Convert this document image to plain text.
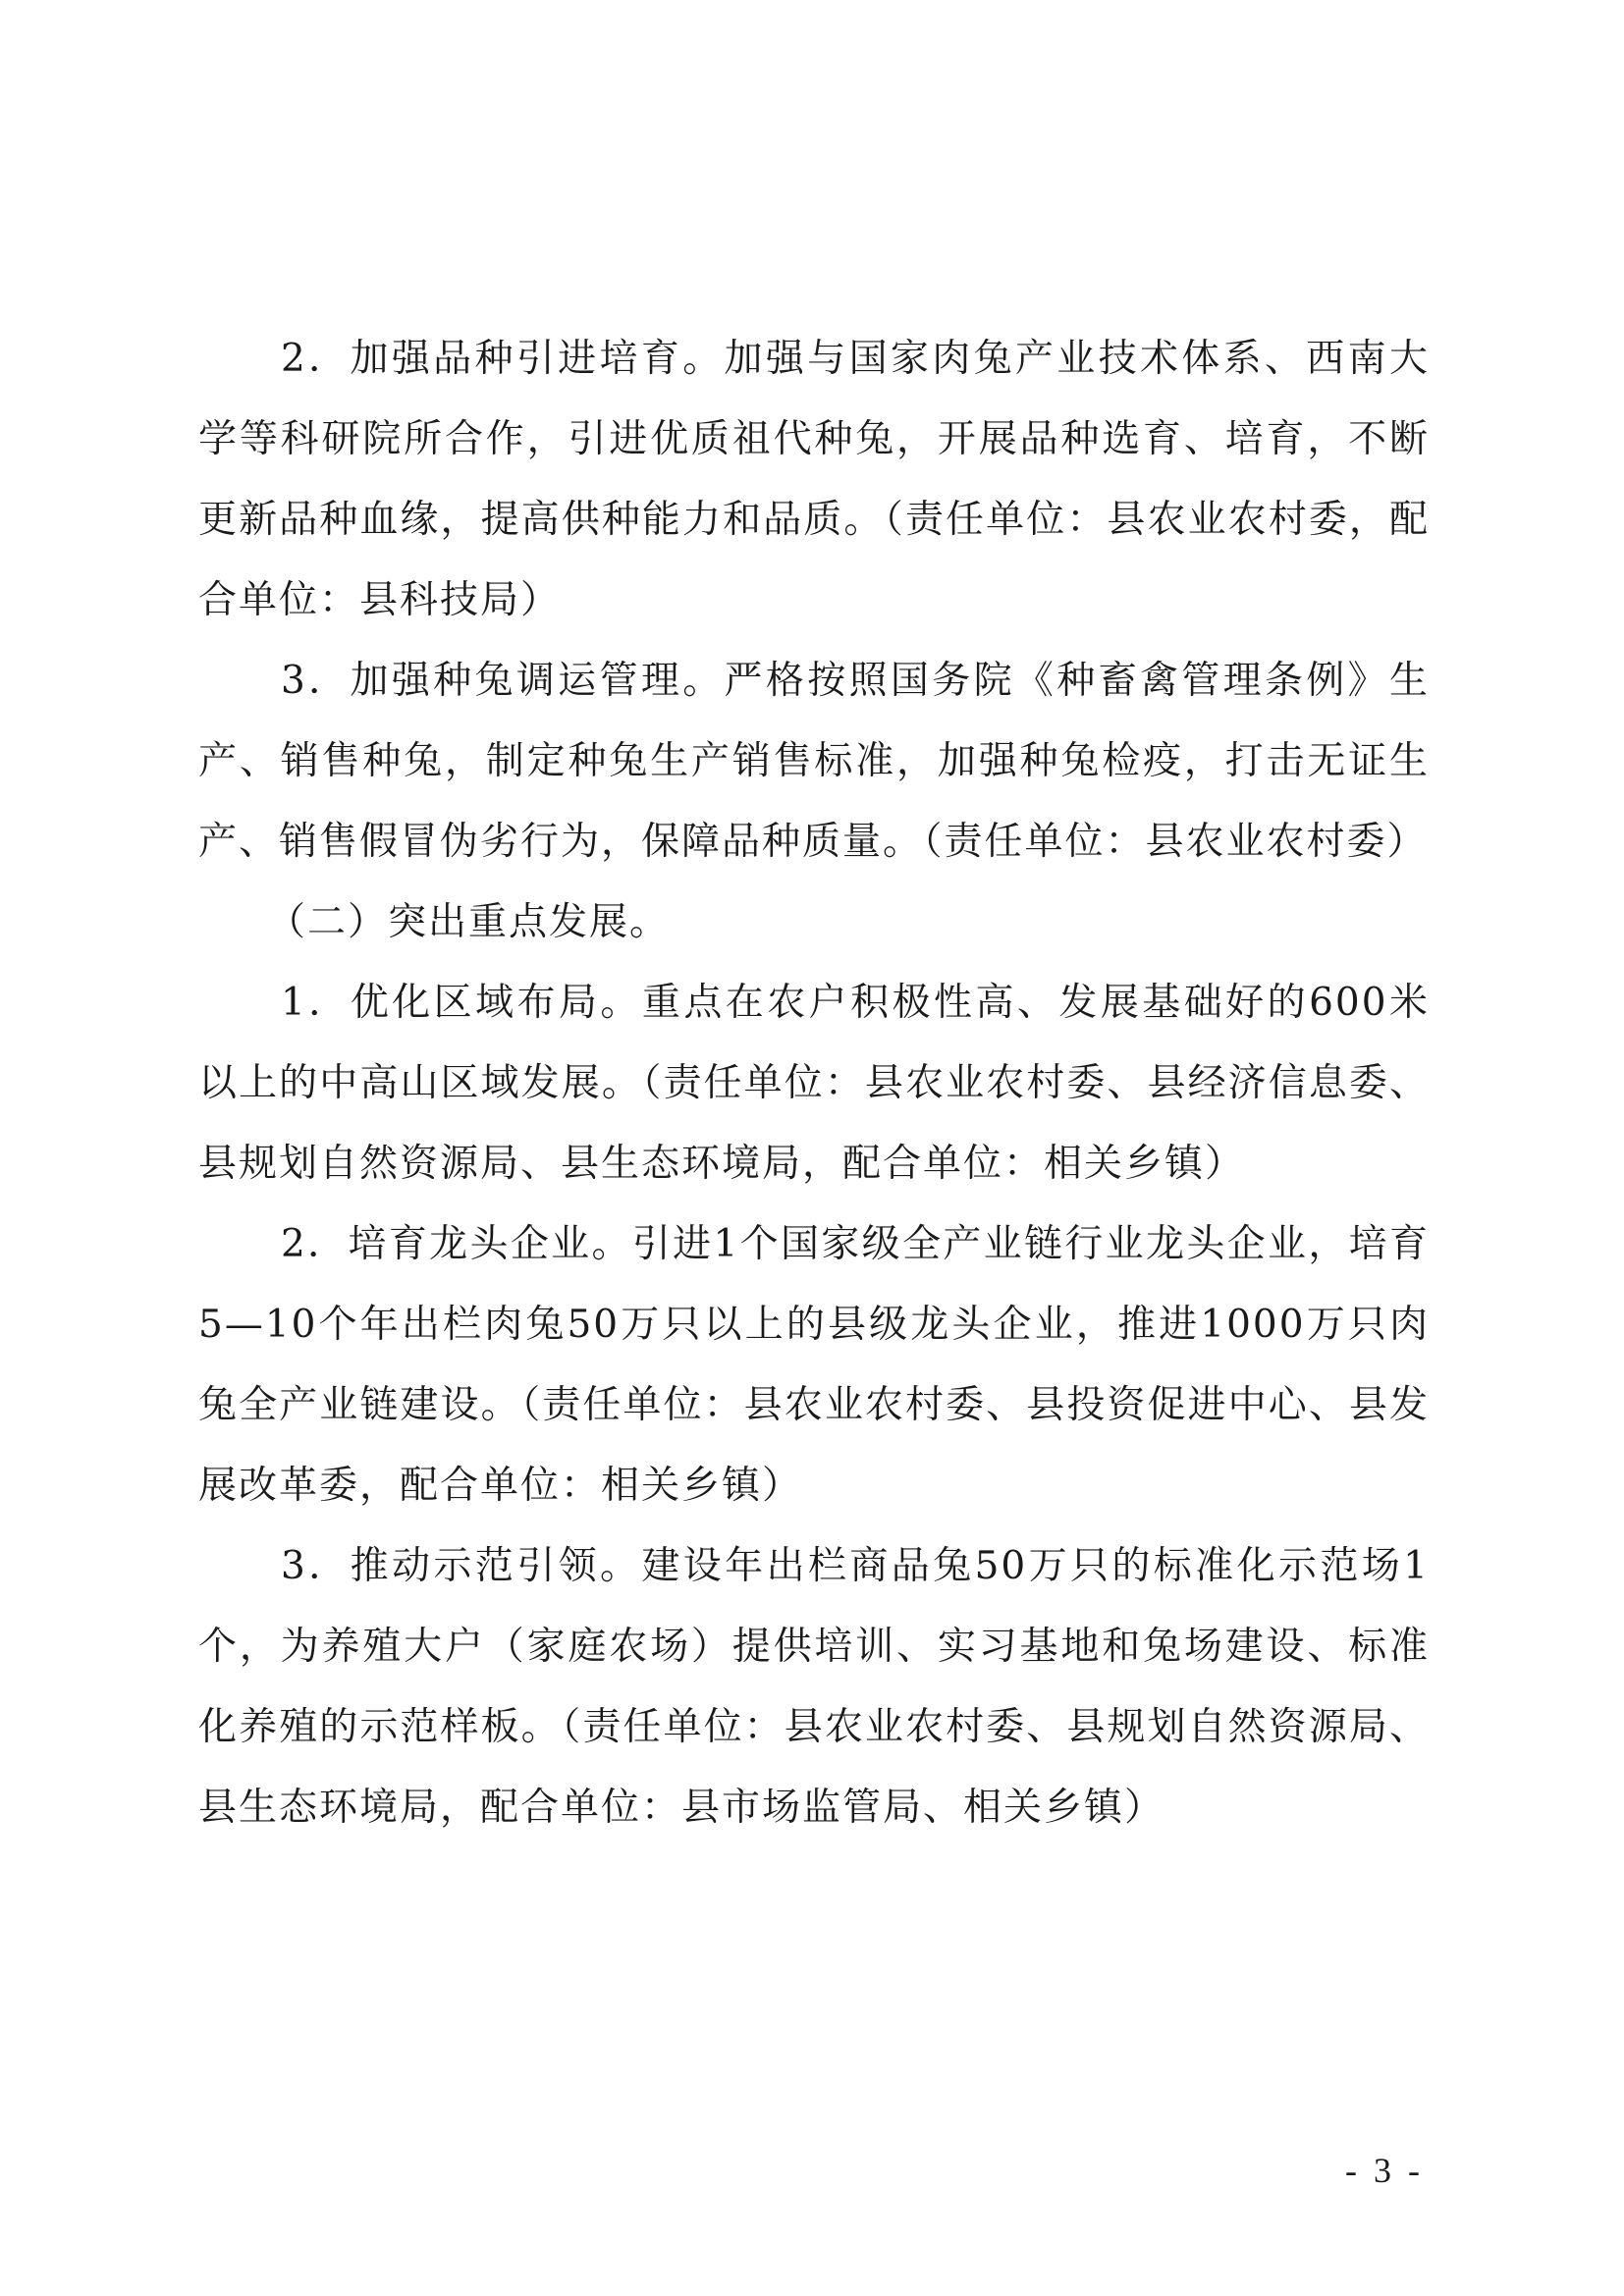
2．加强品种引进培育。加强与国家肉兔产业技术体系、西南大学等科研院所合作，引进优质祖代种兔，开展品种选育、培育，不断更新品种血缘，提高供种能力和品质。（责任单位：县农业农村委，配合单位：县科技局）

3．加强种兔调运管理。严格按照国务院《种畜禽管理条例》生产、销售种兔，制定种兔生产销售标准，加强种兔检疫，打击无证生产、销售假冒伪劣行为，保障品种质量。（责任单位：县农业农村委）

（二）突出重点发展。

1．优化区域布局。重点在农户积极性高、发展基础好的600米以上的中高山区域发展。（责任单位：县农业农村委、县经济信息委、县规划自然资源局、县生态环境局，配合单位：相关乡镇）

2．培育龙头企业。引进1个国家级全产业链行业龙头企业，培育5—10个年出栏肉兔50万只以上的县级龙头企业，推进1000万只肉兔全产业链建设。（责任单位：县农业农村委、县投资促进中心、县发展改革委，配合单位：相关乡镇）

3．推动示范引领。建设年出栏商品兔50万只的标准化示范场1个，为养殖大户（家庭农场）提供培训、实习基地和兔场建设、标准化养殖的示范样板。（责任单位：县农业农村委、县规划自然资源局、县生态环境局，配合单位：县市场监管局、相关乡镇）

- 3 -
